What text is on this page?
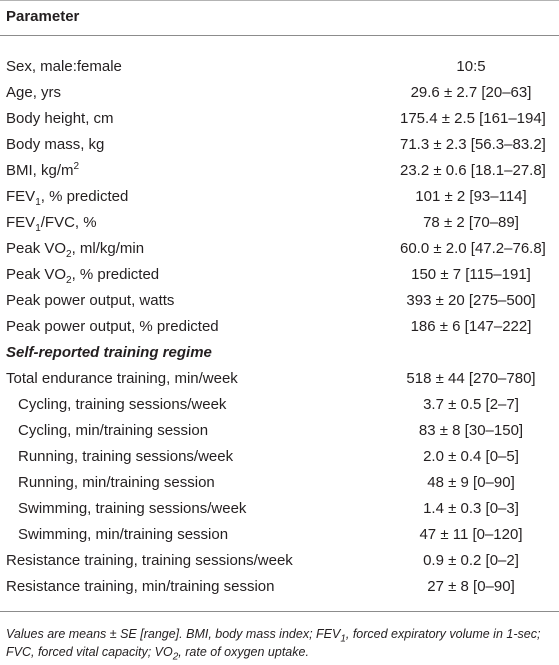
Parameter
Sex, male:female	10:5
Age, yrs	29.6 ± 2.7 [20–63]
Body height, cm	175.4 ± 2.5 [161–194]
Body mass, kg	71.3 ± 2.3 [56.3–83.2]
BMI, $kg/m^2$	23.2 ± 0.6 [18.1–27.8]
$FEV_1$, % predicted	101 ± 2 [93–114]
$FEV_1$/FVC, %	78 ± 2 [70–89]
Peak $VO_2$, ml/kg/min	60.0 ± 2.0 [47.2–76.8]
Peak $VO_2$, % predicted	150 ± 7 [115–191]
Peak power output, watts	393 ± 20 [275–500]
Peak power output, % predicted	186 ± 6 [147–222]
Self-reported training regime
Total endurance training, min/week	518 ± 44 [270–780]
Cycling, training sessions/week	3.7 ± 0.5 [2–7]
Cycling, min/training session	83 ± 8 [30–150]
Running, training sessions/week	2.0 ± 0.4 [0–5]
Running, min/training session	48 ± 9 [0–90]
Swimming, training sessions/week	1.4 ± 0.3 [0–3]
Swimming, min/training session	47 ± 11 [0–120]
Resistance training, training sessions/week	0.9 ± 0.2 [0–2]
Resistance training, min/training session	27 ± 8 [0–90]
Values are means ± SE [range]. BMI, body mass index; $FEV_1$, forced expiratory volume in 1-sec; FVC, forced vital capacity; $VO_2$, rate of oxygen uptake.
